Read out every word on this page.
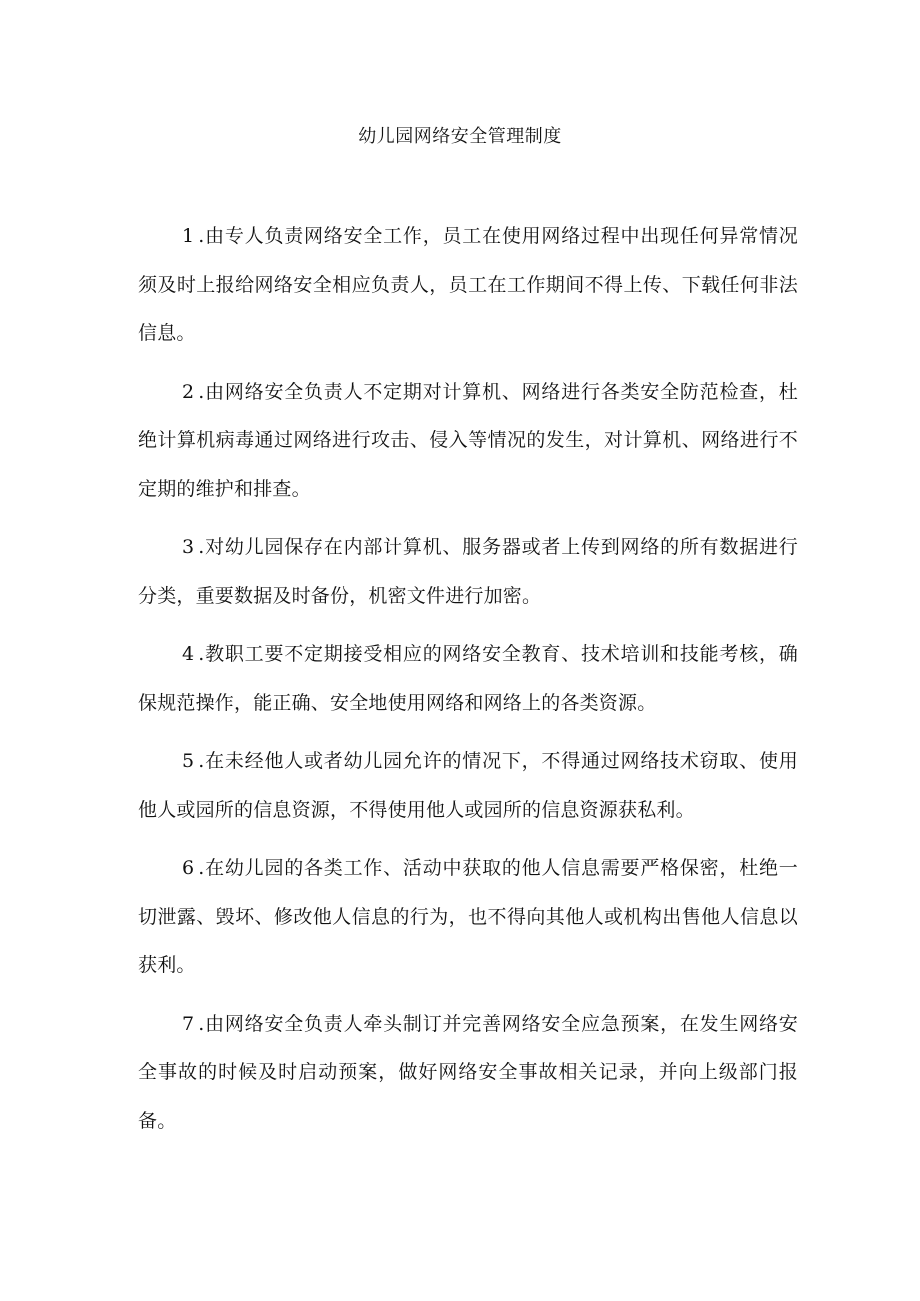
幼儿园网络安全管理制度

1 .由专人负责网络安全工作，员工在使用网络过程中出现任何异常情况须及时上报给网络安全相应负责人，员工在工作期间不得上传、下载任何非法信息。

2 .由网络安全负责人不定期对计算机、网络进行各类安全防范检查，杜绝计算机病毒通过网络进行攻击、侵入等情况的发生，对计算机、网络进行不定期的维护和排查。

3 .对幼儿园保存在内部计算机、服务器或者上传到网络的所有数据进行分类，重要数据及时备份，机密文件进行加密。

4 .教职工要不定期接受相应的网络安全教育、技术培训和技能考核，确保规范操作，能正确、安全地使用网络和网络上的各类资源。

5 .在未经他人或者幼儿园允许的情况下，不得通过网络技术窃取、使用他人或园所的信息资源，不得使用他人或园所的信息资源获私利。

6 .在幼儿园的各类工作、活动中获取的他人信息需要严格保密，杜绝一切泄露、毁坏、修改他人信息的行为，也不得向其他人或机构出售他人信息以获利。

7 .由网络安全负责人牵头制订并完善网络安全应急预案，在发生网络安全事故的时候及时启动预案，做好网络安全事故相关记录，并向上级部门报备。
